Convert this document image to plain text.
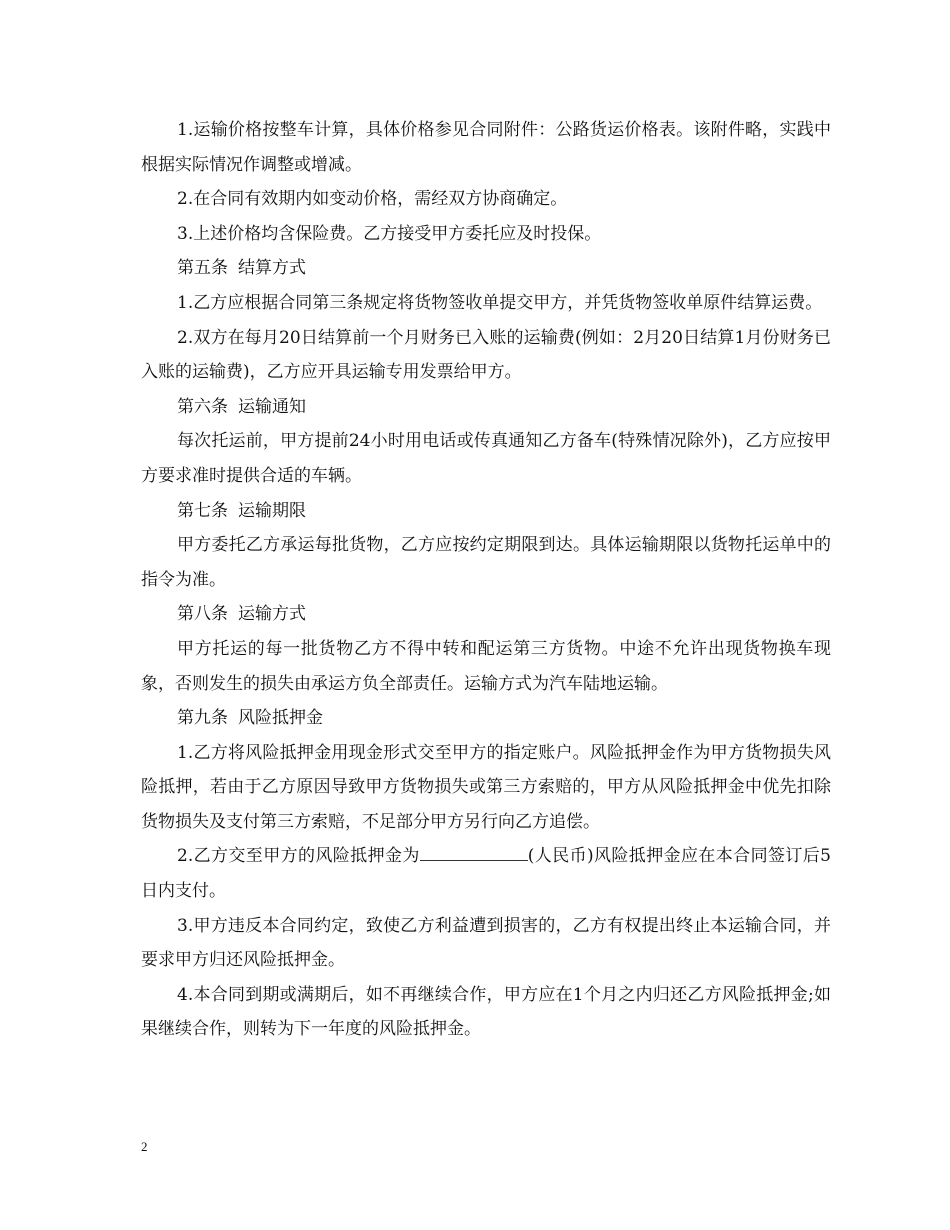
1.运输价格按整车计算，具体价格参见合同附件：公路货运价格表。该附件略，实践中根据实际情况作调整或增减。

2.在合同有效期内如变动价格，需经双方协商确定。

3.上述价格均含保险费。乙方接受甲方委托应及时投保。

第五条 结算方式

1.乙方应根据合同第三条规定将货物签收单提交甲方，并凭货物签收单原件结算运费。

2.双方在每月20日结算前一个月财务已入账的运输费(例如：2月20日结算1月份财务已入账的运输费)，乙方应开具运输专用发票给甲方。

第六条 运输通知

每次托运前，甲方提前24小时用电话或传真通知乙方备车(特殊情况除外)，乙方应按甲方要求准时提供合适的车辆。

第七条 运输期限

甲方委托乙方承运每批货物，乙方应按约定期限到达。具体运输期限以货物托运单中的指令为准。

第八条 运输方式

甲方托运的每一批货物乙方不得中转和配运第三方货物。中途不允许出现货物换车现象，否则发生的损失由承运方负全部责任。运输方式为汽车陆地运输。

第九条 风险抵押金

1.乙方将风险抵押金用现金形式交至甲方的指定账户。风险抵押金作为甲方货物损失风险抵押，若由于乙方原因导致甲方货物损失或第三方索赔的，甲方从风险抵押金中优先扣除货物损失及支付第三方索赔，不足部分甲方另行向乙方追偿。

2.乙方交至甲方的风险抵押金为	(人民币)风险抵押金应在本合同签订后5日内支付。

3.甲方违反本合同约定，致使乙方利益遭到损害的，乙方有权提出终止本运输合同，并要求甲方归还风险抵押金。

4.本合同到期或满期后，如不再继续合作，甲方应在1个月之内归还乙方风险抵押金;如果继续合作，则转为下一年度的风险抵押金。

2
